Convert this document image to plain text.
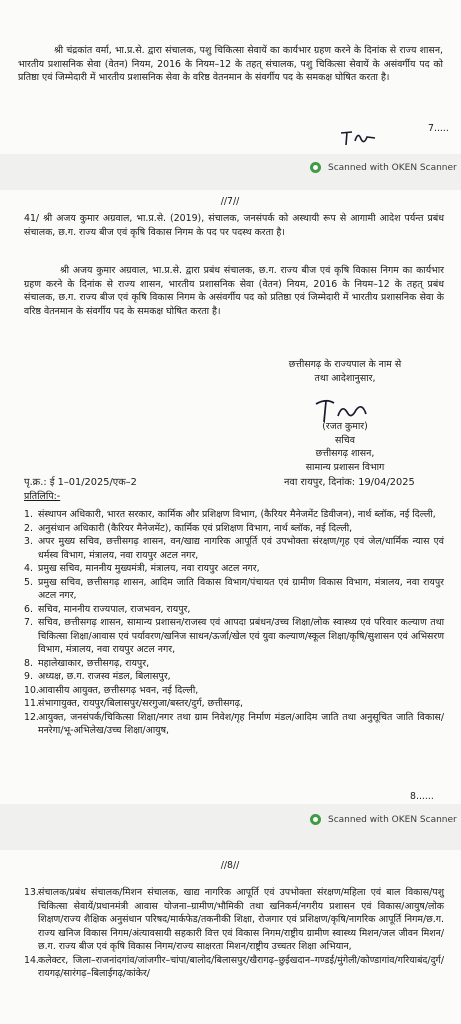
श्री चंद्रकांत वर्मा, भा.प्र.से. द्वारा संचालक, पशु चिकित्सा सेवायें का कार्यभार ग्रहण करने के दिनांक से राज्य शासन, भारतीय प्रशासनिक सेवा (वेतन) नियम, 2016 के नियम–12 के तहत् संचालक, पशु चिकित्सा सेवायें के असंवर्गीय पद को प्रतिष्ठा एवं जिम्मेदारी में भारतीय प्रशासनिक सेवा के वरिष्ठ वेतनमान के संवर्गीय पद के समकक्ष घोषित करता है।
7.....
Scanned with OKEN Scanner
//7//
41/ श्री अजय कुमार अग्रवाल, भा.प्र.से. (2019), संचालक, जनसंपर्क को अस्थायी रूप से आगामी आदेश पर्यन्त प्रबंध संचालक, छ.ग. राज्य बीज एवं कृषि विकास निगम के पद पर पदस्थ करता है।
श्री अजय कुमार अग्रवाल, भा.प्र.से. द्वारा प्रबंध संचालक, छ.ग. राज्य बीज एवं कृषि विकास निगम का कार्यभार ग्रहण करने के दिनांक से राज्य शासन, भारतीय प्रशासनिक सेवा (वेतन) नियम, 2016 के नियम–12 के तहत् प्रबंध संचालक, छ.ग. राज्य बीज एवं कृषि विकास निगम के असंवर्गीय पद को प्रतिष्ठा एवं जिम्मेदारी में भारतीय प्रशासनिक सेवा के वरिष्ठ वेतनमान के संवर्गीय पद के समकक्ष घोषित करता है।
छत्तीसगढ़ के राज्यपाल के नाम से
तथा आदेशानुसार,
(रजत कुमार)
सचिव
छत्तीसगढ़ शासन,
सामान्य प्रशासन विभाग
पृ.क्र.: ई 1–01/2025/एक–2	नवा रायपुर, दिनांक: 19/04/2025
प्रतिलिपि:-
1. संस्थापन अधिकारी, भारत सरकार, कार्मिक और प्रशिक्षण विभाग, (कैरियर मैनेजमेंट डिवीजन), नार्थ ब्लॉक, नई दिल्ली,
2. अनुसंधान अधिकारी (कैरियर मैनेजमेंट), कार्मिक एवं प्रशिक्षण विभाग, नार्थ ब्लॉक, नई दिल्ली,
3. अपर मुख्य सचिव, छत्तीसगढ़ शासन, वन/खाद्य नागरिक आपूर्ति एवं उपभोक्ता संरक्षण/गृह एवं जेल/धार्मिक न्यास एवं धर्मस्व विभाग, मंत्रालय, नवा रायपुर अटल नगर,
4. प्रमुख सचिव, माननीय मुख्यमंत्री, मंत्रालय, नवा रायपुर अटल नगर,
5. प्रमुख सचिव, छत्तीसगढ़ शासन, आदिम जाति विकास विभाग/पंचायत एवं ग्रामीण विकास विभाग, मंत्रालय, नवा रायपुर अटल नगर,
6. सचिव, माननीय राज्यपाल, राजभवन, रायपुर,
7. सचिव, छत्तीसगढ़ शासन, सामान्य प्रशासन/राजस्व एवं आपदा प्रबंधन/उच्च शिक्षा/लोक स्वास्थ्य एवं परिवार कल्याण तथा चिकित्सा शिक्षा/आवास एवं पर्यावरण/खनिज साधन/ऊर्जा/खेल एवं युवा कल्याण/स्कूल शिक्षा/कृषि/सुशासन एवं अभिसरण विभाग, मंत्रालय, नवा रायपुर अटल नगर,
8. महालेखाकार, छत्तीसगढ़, रायपुर,
9. अध्यक्ष, छ.ग. राजस्व मंडल, बिलासपुर,
10. आवासीय आयुक्त, छत्तीसगढ़ भवन, नई दिल्ली,
11. संभागायुक्त, रायपुर/बिलासपुर/सरगुजा/बस्तर/दुर्ग, छत्तीसगढ़,
12. आयुक्त, जनसंपर्क/चिकित्सा शिक्षा/नगर तथा ग्राम निवेश/गृह निर्माण मंडल/आदिम जाति तथा अनुसूचित जाति विकास/मनरेगा/भू-अभिलेख/उच्च शिक्षा/आयुष,
8......
Scanned with OKEN Scanner
//8//
13. संचालक/प्रबंध संचालक/मिशन संचालक, खाद्य नागरिक आपूर्ति एवं उपभोक्ता संरक्षण/महिला एवं बाल विकास/पशु चिकित्सा सेवायें/प्रधानमंत्री आवास योजना–ग्रामीण/भौमिकी तथा खनिकर्म/नगरीय प्रशासन एवं विकास/आयुष/लोक शिक्षण/राज्य शैक्षिक अनुसंधान परिषद/मार्कफेड/तकनीकी शिक्षा, रोजगार एवं प्रशिक्षण/कृषि/नागरिक आपूर्ति निगम/छ.ग. राज्य खनिज विकास निगम/अंत्यावसायी सहकारी वित्त एवं विकास निगम/राष्ट्रीय ग्रामीण स्वास्थ्य मिशन/जल जीवन मिशन/छ.ग. राज्य बीज एवं कृषि विकास निगम/राज्य साक्षरता मिशन/राष्ट्रीय उच्चतर शिक्षा अभियान,
14. कलेक्टर, जिला–राजनांदगांव/जांजगीर–चांपा/बालोद/बिलासपुर/खैरागढ़–छुईखदान–गण्डई/मुंगेली/कोण्डागांव/गरियाबंद/दुर्ग/रायगढ़/सारंगढ़–बिलाईगढ़/कांकेर/
